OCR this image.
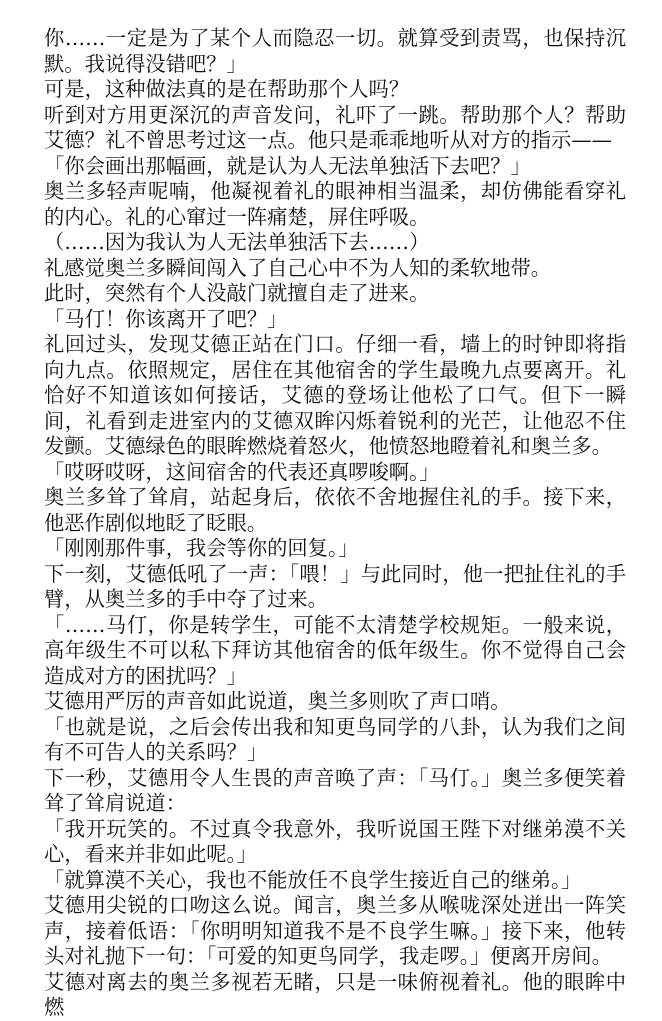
你……一定是为了某个人而隐忍一切。就算受到责骂，也保持沉默。我说得没错吧？」

可是，这种做法真的是在帮助那个人吗？

听到对方用更深沉的声音发问，礼吓了一跳。帮助那个人？帮助艾德？礼不曾思考过这一点。他只是乖乖地听从对方的指示——

「你会画出那幅画，就是认为人无法单独活下去吧？」

奥兰多轻声呢喃，他凝视着礼的眼神相当温柔，却仿佛能看穿礼的内心。礼的心窜过一阵痛楚，屏住呼吸。

（……因为我认为人无法单独活下去……）

礼感觉奥兰多瞬间闯入了自己心中不为人知的柔软地带。

此时，突然有个人没敲门就擅自走了进来。

「马仃！你该离开了吧？」

礼回过头，发现艾德正站在门口。仔细一看，墙上的时钟即将指向九点。依照规定，居住在其他宿舍的学生最晚九点要离开。礼恰好不知道该如何接话，艾德的登场让他松了口气。但下一瞬间，礼看到走进室内的艾德双眸闪烁着锐利的光芒，让他忍不住发颤。艾德绿色的眼眸燃烧着怒火，他愤怒地瞪着礼和奥兰多。

「哎呀哎呀，这间宿舍的代表还真啰唆啊。」

奥兰多耸了耸肩，站起身后，依依不舍地握住礼的手。接下来，他恶作剧似地眨了眨眼。

「刚刚那件事，我会等你的回复。」

下一刻，艾德低吼了一声：「喂！」与此同时，他一把扯住礼的手臂，从奥兰多的手中夺了过来。

「……马仃，你是转学生，可能不太清楚学校规矩。一般来说，高年级生不可以私下拜访其他宿舍的低年级生。你不觉得自己会造成对方的困扰吗？」

艾德用严厉的声音如此说道，奥兰多则吹了声口哨。

「也就是说，之后会传出我和知更鸟同学的八卦，认为我们之间有不可告人的关系吗？」

下一秒，艾德用令人生畏的声音唤了声：「马仃。」奥兰多便笑着耸了耸肩说道：

「我开玩笑的。不过真令我意外，我听说国王陛下对继弟漠不关心，看来并非如此呢。」

「就算漠不关心，我也不能放任不良学生接近自己的继弟。」

艾德用尖锐的口吻这么说。闻言，奥兰多从喉咙深处迸出一阵笑声，接着低语：「你明明知道我不是不良学生嘛。」接下来，他转头对礼抛下一句：「可爱的知更鸟同学，我走啰。」便离开房间。

艾德对离去的奥兰多视若无睹，只是一味俯视着礼。他的眼眸中燃
